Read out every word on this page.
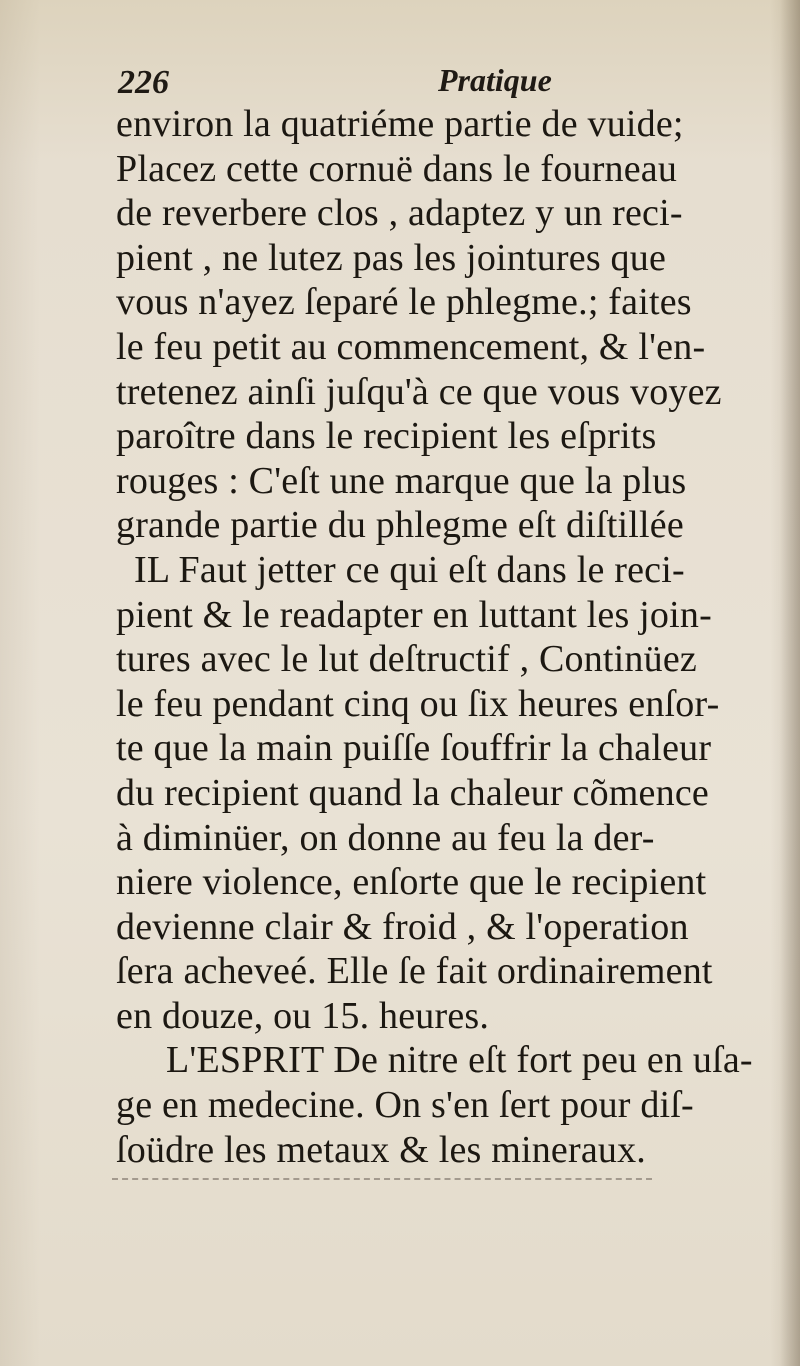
226	Pratique
environ la quatriéme partie de vuide;
Placez cette cornuë dans le fourneau
de reverbere clos , adaptez y un reci-
pient , ne lutez pas les jointures que
vous n'ayez ſeparé le phlegme.; faites
le feu petit au commencement, & l'en-
tretenez ainſi juſqu'à ce que vous voyez
paroître dans le recipient les eſprits
rouges : C'eſt une marque que la plus
grande partie du phlegme eſt diſtillée
IL Faut jetter ce qui eſt dans le reci-
pient & le readapter en luttant les join-
tures avec le lut deſtructif , Continüez
le feu pendant cinq ou ſix heures enſor-
te que la main puiſſe ſouffrir la chaleur
du recipient quand la chaleur cõmence
à diminüer, on donne au feu la der-
niere violence, enſorte que le recipient
devienne clair & froid , & l'operation
ſera acheveé. Elle ſe fait ordinairement
en douze, ou 15. heures.
L'ESPRIT De nitre eſt fort peu en uſa-
ge en medecine. On s'en ſert pour diſ-
ſoüdre les metaux & les mineraux.
